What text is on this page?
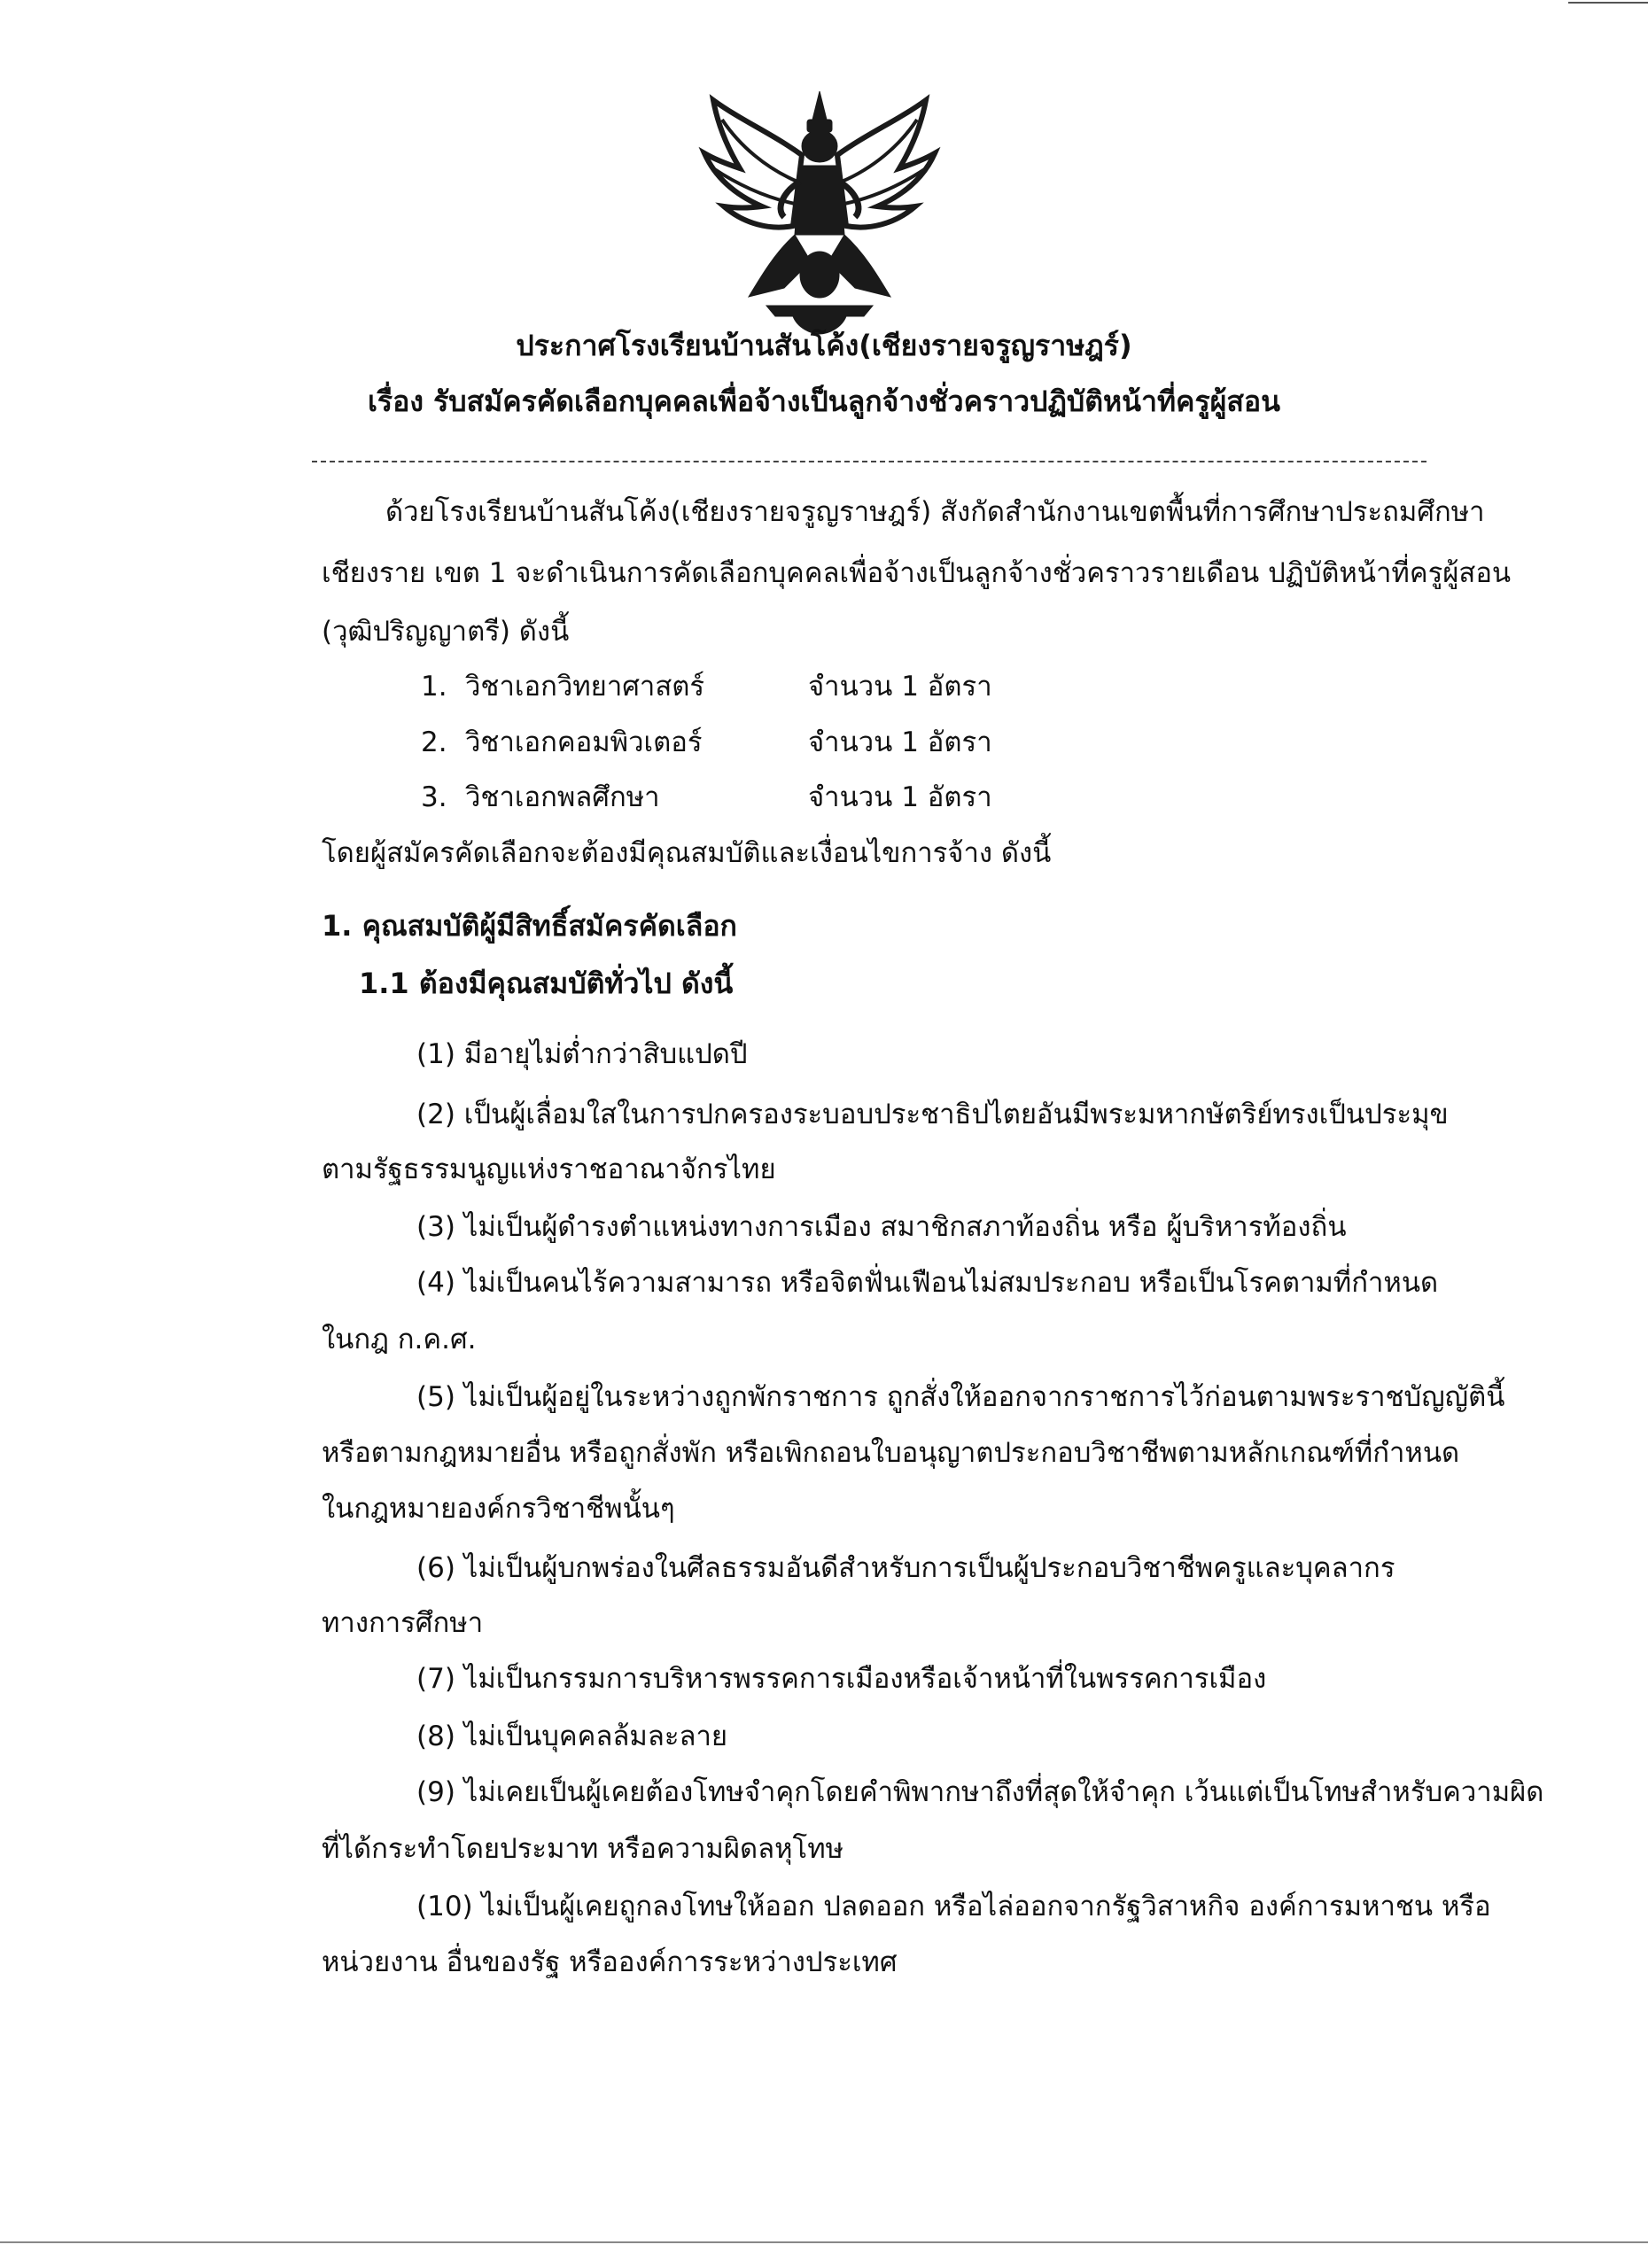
ประกาศโรงเรียนบ้านสันโค้ง(เชียงรายจรูญราษฎร์)
เรื่อง รับสมัครคัดเลือกบุคคลเพื่อจ้างเป็นลูกจ้างชั่วคราวปฏิบัติหน้าที่ครูผู้สอน
ด้วยโรงเรียนบ้านสันโค้ง(เชียงรายจรูญราษฎร์) สังกัดสำนักงานเขตพื้นที่การศึกษาประถมศึกษา
เชียงราย เขต 1 จะดำเนินการคัดเลือกบุคคลเพื่อจ้างเป็นลูกจ้างชั่วคราวรายเดือน ปฏิบัติหน้าที่ครูผู้สอน
(วุฒิปริญญาตรี) ดังนี้
1. วิชาเอกวิทยาศาสตร์	จำนวน 1 อัตรา
2. วิชาเอกคอมพิวเตอร์	จำนวน 1 อัตรา
3. วิชาเอกพลศึกษา	จำนวน 1 อัตรา
โดยผู้สมัครคัดเลือกจะต้องมีคุณสมบัติและเงื่อนไขการจ้าง ดังนี้
1. คุณสมบัติผู้มีสิทธิ์สมัครคัดเลือก
1.1 ต้องมีคุณสมบัติทั่วไป ดังนี้
(1) มีอายุไม่ต่ำกว่าสิบแปดปี
(2) เป็นผู้เลื่อมใสในการปกครองระบอบประชาธิปไตยอันมีพระมหากษัตริย์ทรงเป็นประมุข
ตามรัฐธรรมนูญแห่งราชอาณาจักรไทย
(3) ไม่เป็นผู้ดำรงตำแหน่งทางการเมือง สมาชิกสภาท้องถิ่น หรือ ผู้บริหารท้องถิ่น
(4) ไม่เป็นคนไร้ความสามารถ หรือจิตฟั่นเฟือนไม่สมประกอบ หรือเป็นโรคตามที่กำหนด
ในกฎ ก.ค.ศ.
(5) ไม่เป็นผู้อยู่ในระหว่างถูกพักราชการ ถูกสั่งให้ออกจากราชการไว้ก่อนตามพระราชบัญญัตินี้
หรือตามกฎหมายอื่น หรือถูกสั่งพัก หรือเพิกถอนใบอนุญาตประกอบวิชาชีพตามหลักเกณฑ์ที่กำหนด
ในกฎหมายองค์กรวิชาชีพนั้นๆ
(6) ไม่เป็นผู้บกพร่องในศีลธรรมอันดีสำหรับการเป็นผู้ประกอบวิชาชีพครูและบุคลากร
ทางการศึกษา
(7) ไม่เป็นกรรมการบริหารพรรคการเมืองหรือเจ้าหน้าที่ในพรรคการเมือง
(8) ไม่เป็นบุคคลล้มละลาย
(9) ไม่เคยเป็นผู้เคยต้องโทษจำคุกโดยคำพิพากษาถึงที่สุดให้จำคุก เว้นแต่เป็นโทษสำหรับความผิด
ที่ได้กระทำโดยประมาท หรือความผิดลหุโทษ
(10) ไม่เป็นผู้เคยถูกลงโทษให้ออก ปลดออก หรือไล่ออกจากรัฐวิสาหกิจ องค์การมหาชน หรือ
หน่วยงาน อื่นของรัฐ หรือองค์การระหว่างประเทศ
